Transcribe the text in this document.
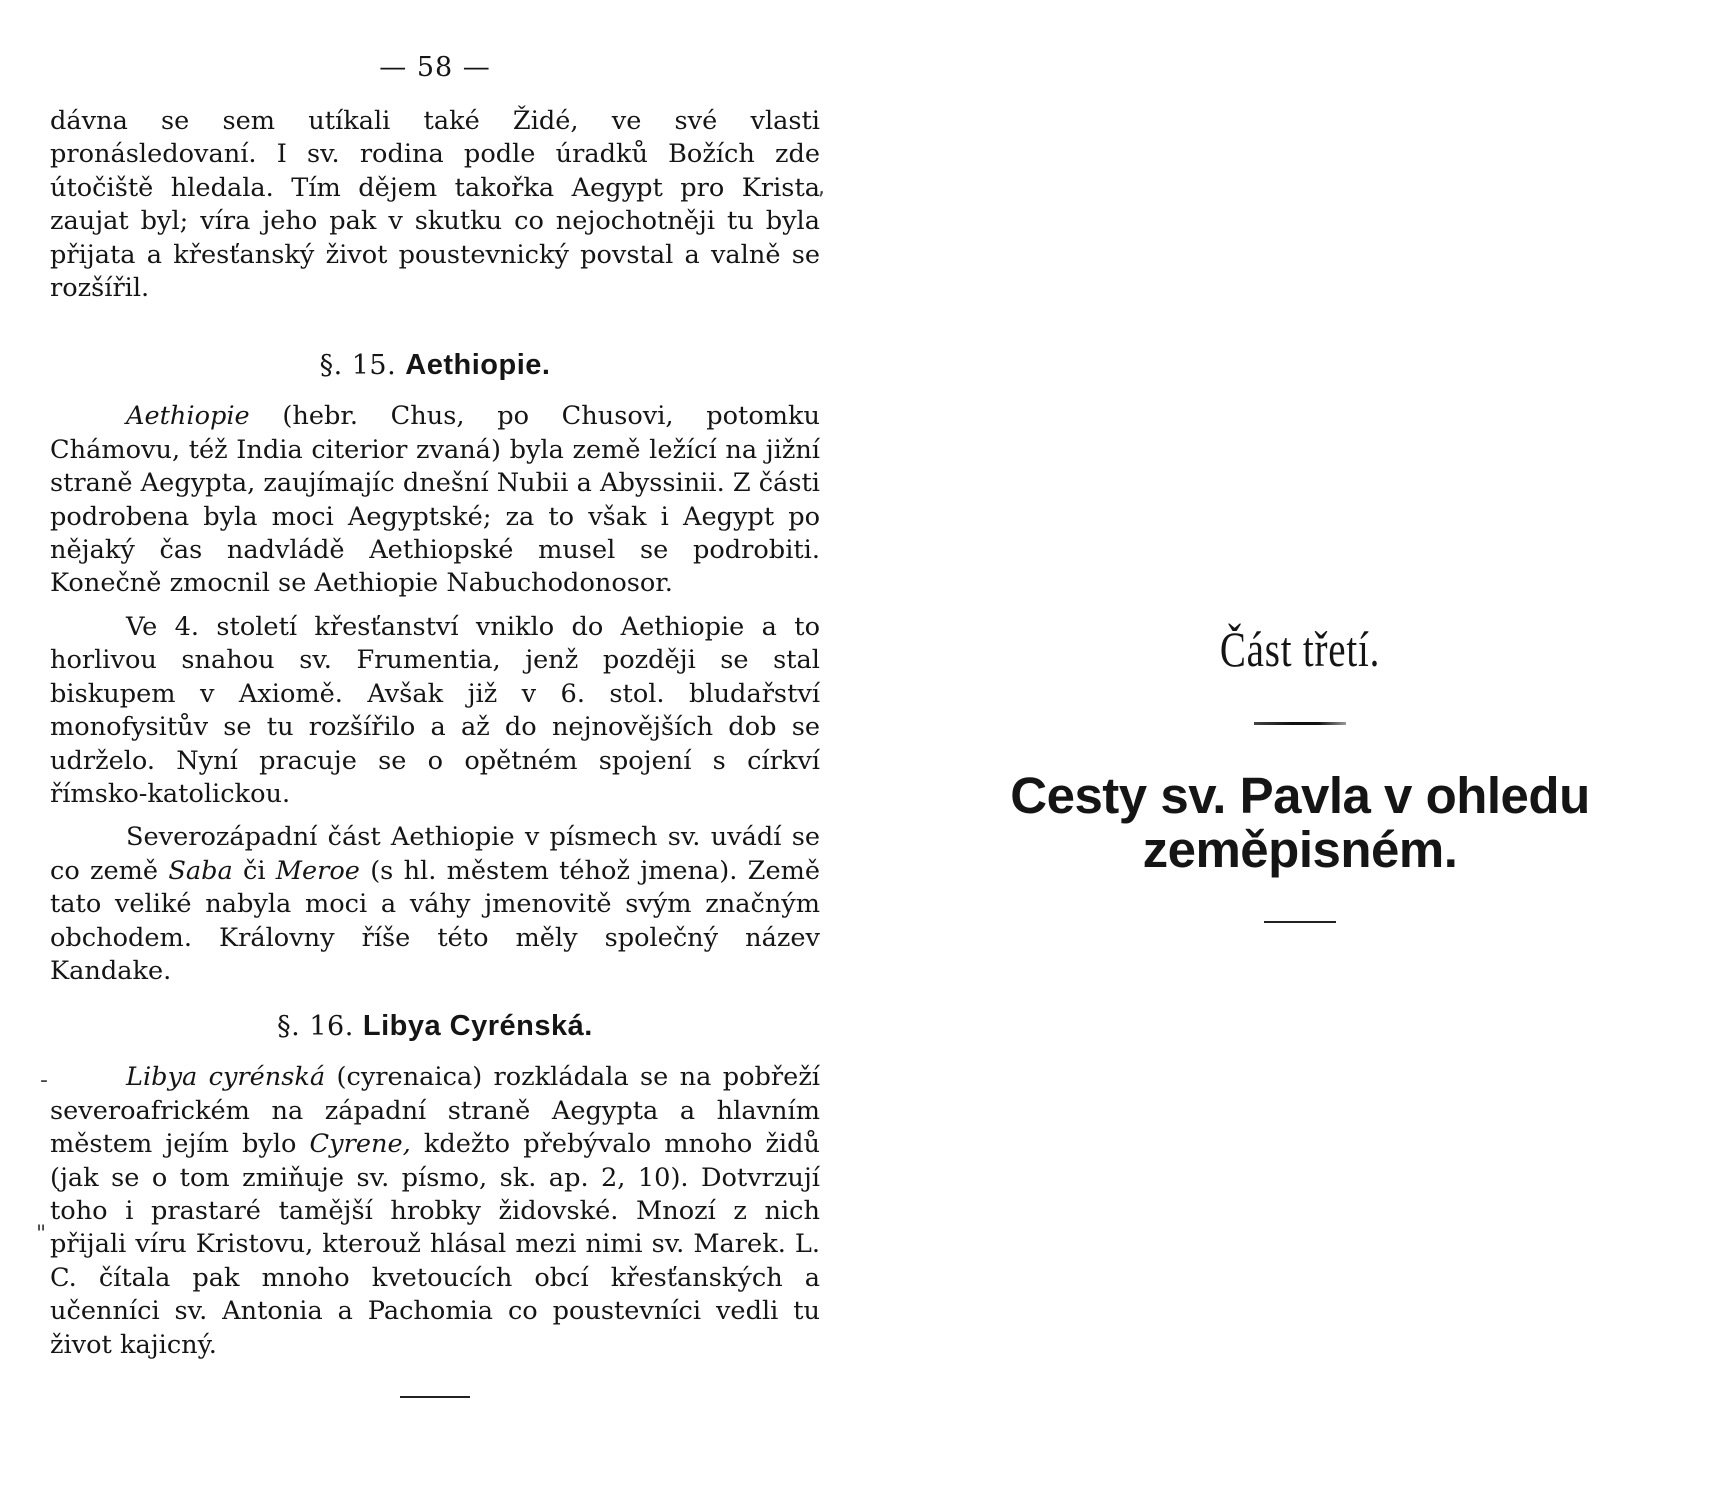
— 58 —

dávna se sem utíkali také Židé, ve své vlasti pronásledovaní. I sv. rodina podle úradků Božích zde útočiště hledala. Tím dějem takořka Aegypt pro Krista zaujat byl; víra jeho pak v skutku co nejochotněji tu byla přijata a křesťanský život poustevnický povstal a valně se rozšířil.

§. 15. Aethiopie.

Aethiopie (hebr. Chus, po Chusovi, potomku Chámovu, též India citerior zvaná) byla země ležící na jižní straně Aegypta, zaujímajíc dnešní Nubii a Abyssinii. Z části podrobena byla moci Aegyptské; za to však i Aegypt po nějaký čas nadvládě Aethiopské musel se podrobiti. Konečně zmocnil se Aethiopie Nabuchodonosor.

Ve 4. století křesťanství vniklo do Aethiopie a to horlivou snahou sv. Frumentia, jenž později se stal biskupem v Axiomě. Avšak již v 6. stol. bludařství monofysitův se tu rozšířilo a až do nejnovějších dob se udrželo. Nyní pracuje se o opětném spojení s církví římsko-katolickou.

Severozápadní část Aethiopie v písmech sv. uvádí se co země Saba či Meroe (s hl. městem téhož jmena). Země tato veliké nabyla moci a váhy jmenovitě svým značným obchodem. Královny říše této měly společný název Kandake.

§. 16. Libya Cyrénská.

Libya cyrénská (cyrenaica) rozkládala se na pobřeží severoafrickém na západní straně Aegypta a hlavním městem jejím bylo Cyrene, kdežto přebývalo mnoho židů (jak se o tom zmiňuje sv. písmo, sk. ap. 2, 10). Dotvrzují toho i prastaré tamější hrobky židovské. Mnozí z nich přijali víru Kristovu, kterouž hlásal mezi nimi sv. Marek. L. C. čítala pak mnoho kvetoucích obcí křesťanských a učenníci sv. Antonia a Pachomia co poustevníci vedli tu život kajicný.

,
-
"
Část třetí.
Cesty sv. Pavla v ohledu zeměpisném.
